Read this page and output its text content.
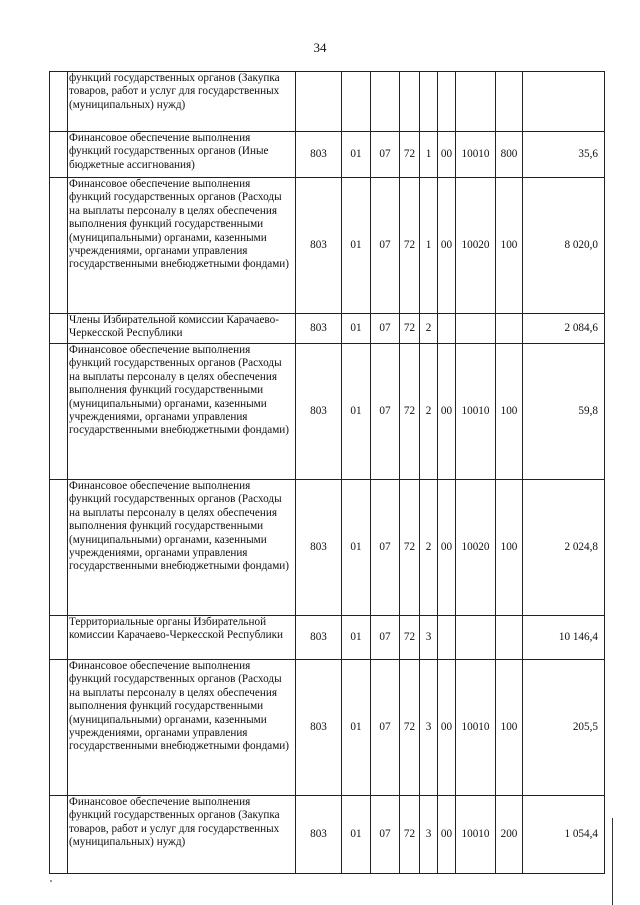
34
	функций государственных органов (Закупка товаров, работ и услуг для государственных (муниципальных) нужд)									
	Финансовое обеспечение выполнения функций государственных органов (Иные бюджетные ассигнования)	803	01	07	72	1	00	10010	800	35,6
	Финансовое обеспечение выполнения функций государственных органов (Расходы на выплаты персоналу в целях обеспечения выполнения функций государственными (муниципальными) органами, казенными учреждениями, органами управления государственными внебюджетными фондами)	803	01	07	72	1	00	10020	100	8 020,0
	Члены Избирательной комиссии Карачаево-Черкесской Республики	803	01	07	72	2				2 084,6
	Финансовое обеспечение выполнения функций государственных органов (Расходы на выплаты персоналу в целях обеспечения выполнения функций государственными (муниципальными) органами, казенными учреждениями, органами управления государственными внебюджетными фондами)	803	01	07	72	2	00	10010	100	59,8
	Финансовое обеспечение выполнения функций государственных органов (Расходы на выплаты персоналу в целях обеспечения выполнения функций государственными (муниципальными) органами, казенными учреждениями, органами управления государственными внебюджетными фондами)	803	01	07	72	2	00	10020	100	2 024,8
	Территориальные органы Избирательной комиссии Карачаево-Черкесской Республики	803	01	07	72	3				10 146,4
	Финансовое обеспечение выполнения функций государственных органов (Расходы на выплаты персоналу в целях обеспечения выполнения функций государственными (муниципальными) органами, казенными учреждениями, органами управления государственными внебюджетными фондами)	803	01	07	72	3	00	10010	100	205,5
	Финансовое обеспечение выполнения функций государственных органов (Закупка товаров, работ и услуг для государственных (муниципальных) нужд)	803	01	07	72	3	00	10010	200	1 054,4
